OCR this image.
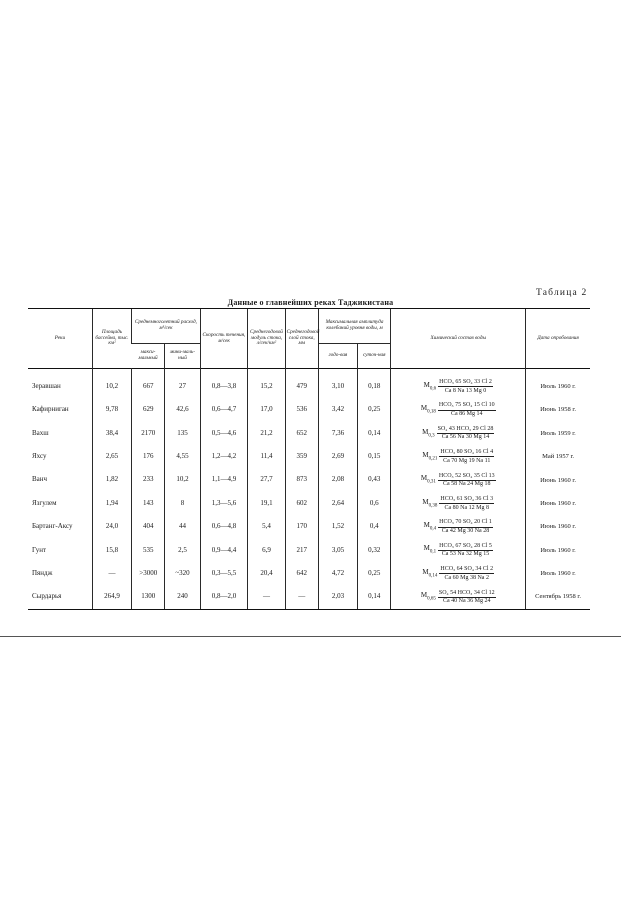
Таблица 2
Данные о главнейших реках Таджикистана
Реки	Площадь бассейна, тыс. км²	Среднемноголетний расход, м³/сек		Скорость течения, м/сек	Среднегодовой модуль стока, л/сек/км²	Среднегодовой слой стока, мм	Максимальная амплитуда колебаний уровня воды, м		Химический состав воды	Дата опробования
		макси-мальный	мини-маль-ный				годо-вая	суточ-ная		
Зеравшан	10,2	667	27	0,8—3,8	15,2	479	3,10	0,18	$M_{0,6} \frac{\text{HCO₃ 65 SO₄ 33 Cl 2}}{Ca 8 Na 13 Mg 0}$	Июль 1960 г.
Кафирниган	9,78	629	42,6	0,6—4,7	17,0	536	3,42	0,25	$M_{0,18} \frac{\text{HCO₃ 75 SO₄ 15 Cl 10}}{Ca 86 Mg 14}$	Июнь 1958 г.
Вахш	38,4	2170	135	0,5—4,6	21,2	652	7,36	0,14	$M_{0,3} \frac{\text{SO₄ 43 HCO₃ 29 Cl 28}}{Ca 56 Na 30 Mg 14}$	Июль 1959 г.
Яхсу	2,65	176	4,55	1,2—4,2	11,4	359	2,69	0,15	$M_{0,21} \frac{\text{HCO₃ 80 SO₄ 16 Cl 4}}{Ca 70 Mg 19 Na 11}$	Май 1957 г.
Ванч	1,82	233	10,2	1,1—4,9	27,7	873	2,08	0,43	$M_{0,31} \frac{\text{HCO₃ 52 SO₄ 35 Cl 13}}{Ca 58 Na 24 Mg 18}$	Июнь 1960 г.
Язгулем	1,94	143	8	1,3—5,6	19,1	602	2,64	0,6	$M_{0,38} \frac{\text{HCO₃ 61 SO₄ 36 Cl 3}}{Ca 80 Na 12 Mg 8}$	Июнь 1960 г.
Бартанг-Аксу	24,0	404	44	0,6—4,8	5,4	170	1,52	0,4	$M_{0,4} \frac{\text{HCO₃ 70 SO₄ 20 Cl 1}}{Ca 42 Mg 30 Na 28}$	Июнь 1960 г.
Гунт	15,8	535	2,5	0,9—4,4	6,9	217	3,05	0,32	$M_{0,1} \frac{\text{HCO₃ 67 SO₄ 28 Cl 5}}{Ca 53 Na 32 Mg 15}$	Июль 1960 г.
Пяндж	—	>3000	~320	0,3—5,5	20,4	642	4,72	0,25	$M_{0,14} \frac{\text{HCO₃ 64 SO₄ 34 Cl 2}}{Ca 60 Mg 38 Na 2}$	Июль 1960 г.
Сырдарья	264,9	1300	240	0,8—2,0	—	—	2,03	0,14	$M_{0,65} \frac{\text{SO₄ 54 HCO₃ 34 Cl 12}}{Ca 40 Na 36 Mg 24}$	Сентябрь 1958 г.
